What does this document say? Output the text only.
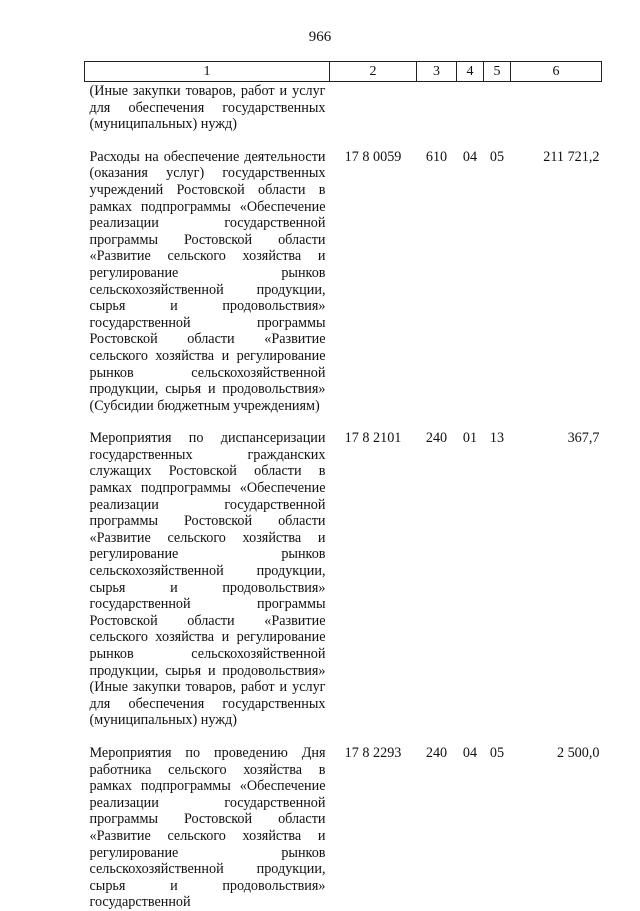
966
1	2	3	4	5	6
(Иные закупки товаров, работ и услуг для обеспечения государственных (муниципальных) нужд)					
Расходы на обеспечение деятельности (оказания услуг) государственных учреждений Ростовской области в рамках подпрограммы «Обеспечение реализации государственной программы Ростовской области «Развитие сельского хозяйства и регулирование рынков сельскохозяйственной продукции, сырья и продовольствия» государственной программы Ростовской области «Развитие сельского хозяйства и регулирование рынков сельскохозяйственной продукции, сырья и продовольствия» (Субсидии бюджетным учреждениям)	17 8 0059	610	04	05	211 721,2
Мероприятия по диспансеризации государственных гражданских служащих Ростовской области в рамках подпрограммы «Обеспечение реализации государственной программы Ростовской области «Развитие сельского хозяйства и регулирование рынков сельскохозяйственной продукции, сырья и продовольствия» государственной программы Ростовской области «Развитие сельского хозяйства и регулирование рынков сельскохозяйственной продукции, сырья и продовольствия» (Иные закупки товаров, работ и услуг для обеспечения государственных (муниципальных) нужд)	17 8 2101	240	01	13	367,7
Мероприятия по проведению Дня работника сельского хозяйства в рамках подпрограммы «Обеспечение реализации государственной программы Ростовской области «Развитие сельского хозяйства и регулирование рынков сельскохозяйственной продукции, сырья и продовольствия» государственной	17 8 2293	240	04	05	2 500,0
